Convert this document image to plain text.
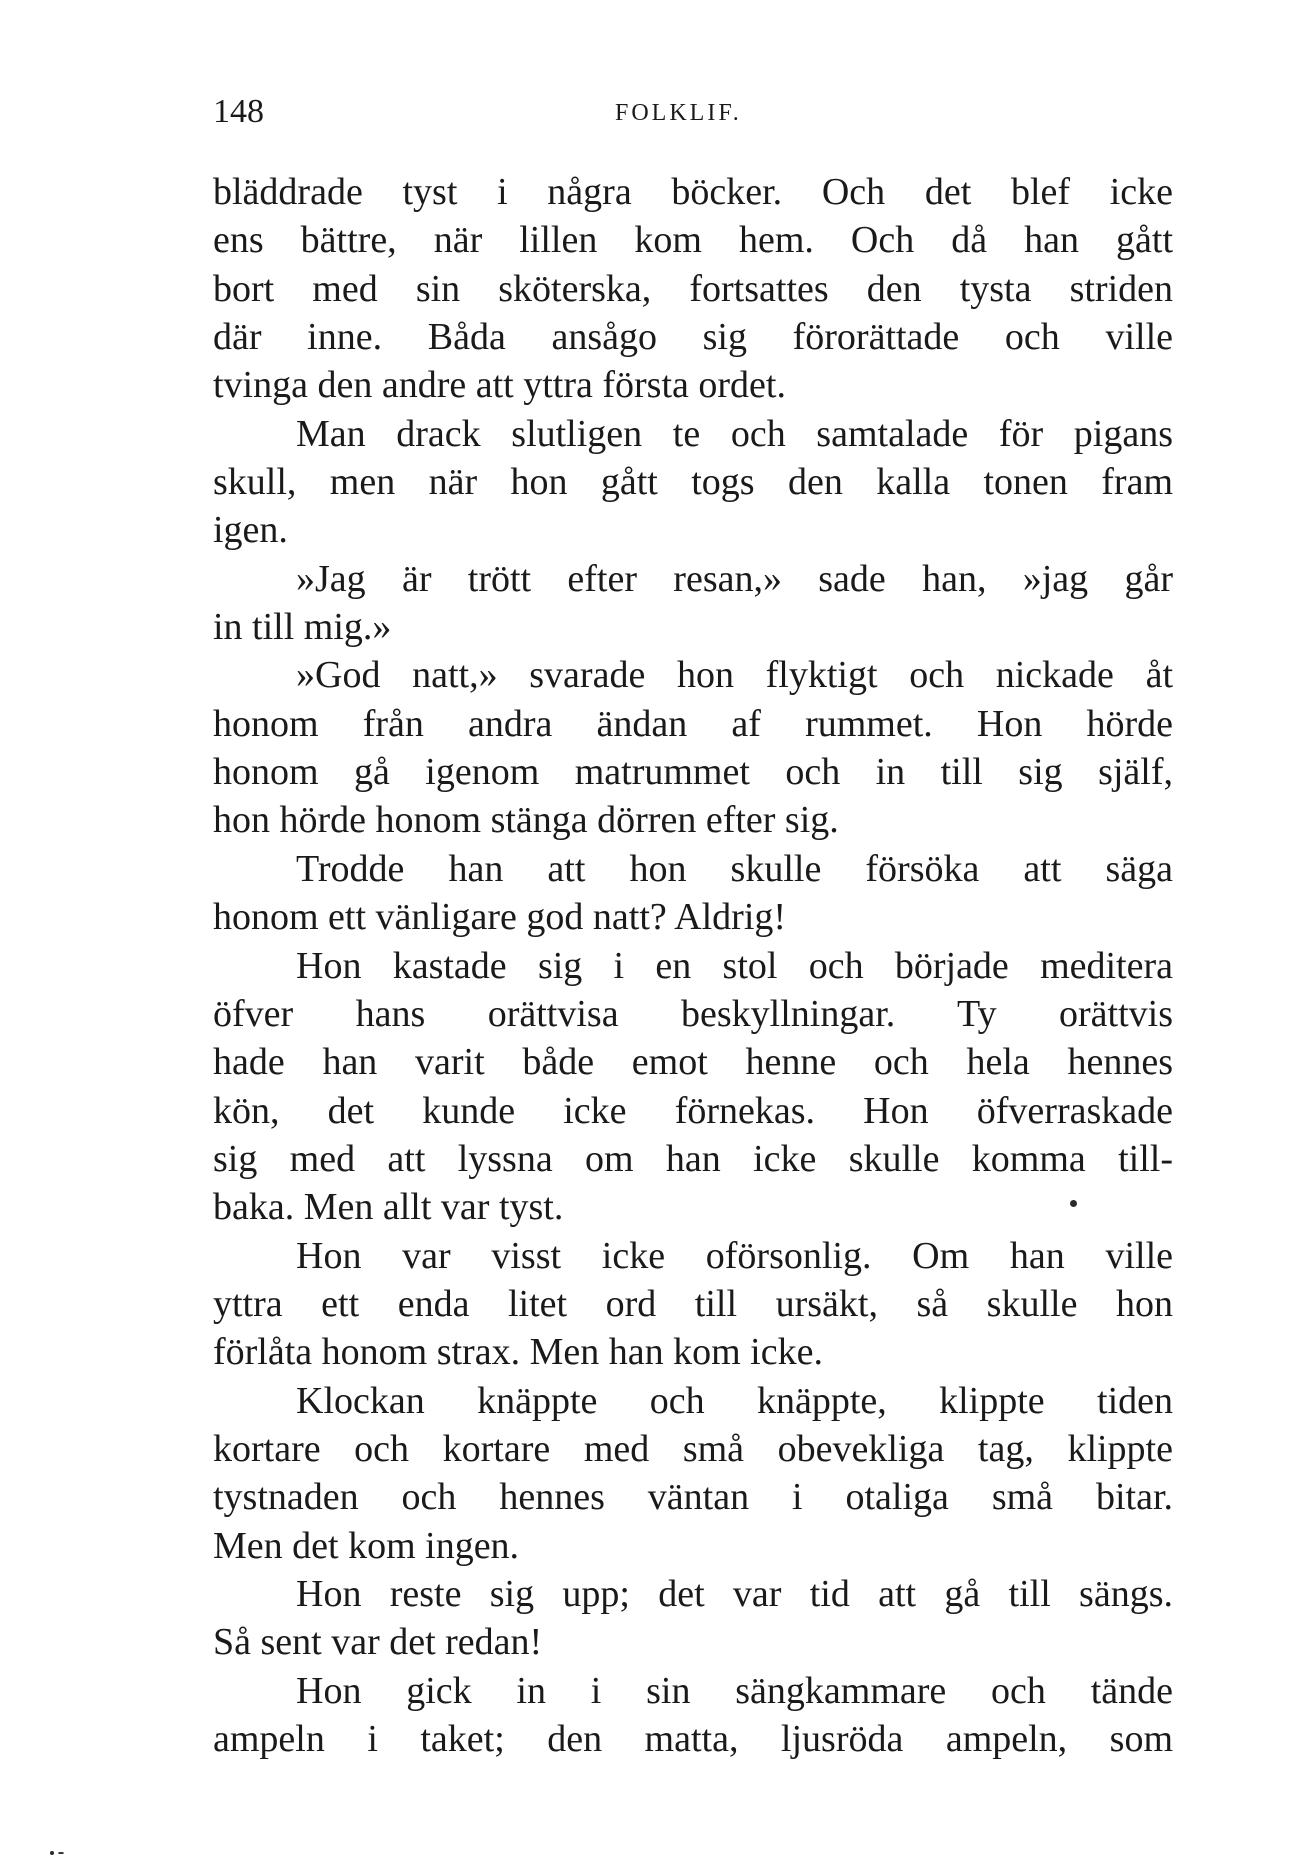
148	FOLKLIF.
bläddrade tyst i några böcker. Och det blef icke
ens bättre, när lillen kom hem. Och då han gått
bort med sin sköterska, fortsattes den tysta striden
där inne. Båda ansågo sig förorättade och ville
tvinga den andre att yttra första ordet.
Man drack slutligen te och samtalade för pigans
skull, men när hon gått togs den kalla tonen fram
igen.
»Jag är trött efter resan,» sade han, »jag går
in till mig.»
»God natt,» svarade hon flyktigt och nickade åt
honom från andra ändan af rummet. Hon hörde
honom gå igenom matrummet och in till sig själf,
hon hörde honom stänga dörren efter sig.
Trodde han att hon skulle försöka att säga
honom ett vänligare god natt? Aldrig!
Hon kastade sig i en stol och började meditera
öfver hans orättvisa beskyllningar. Ty orättvis
hade han varit både emot henne och hela hennes
kön, det kunde icke förnekas. Hon öfverraskade
sig med att lyssna om han icke skulle komma till-
baka. Men allt var tyst.
Hon var visst icke oförsonlig. Om han ville
yttra ett enda litet ord till ursäkt, så skulle hon
förlåta honom strax. Men han kom icke.
Klockan knäppte och knäppte, klippte tiden
kortare och kortare med små obevekliga tag, klippte
tystnaden och hennes väntan i otaliga små bitar.
Men det kom ingen.
Hon reste sig upp; det var tid att gå till sängs.
Så sent var det redan!
Hon gick in i sin sängkammare och tände
ampeln i taket; den matta, ljusröda ampeln, som
